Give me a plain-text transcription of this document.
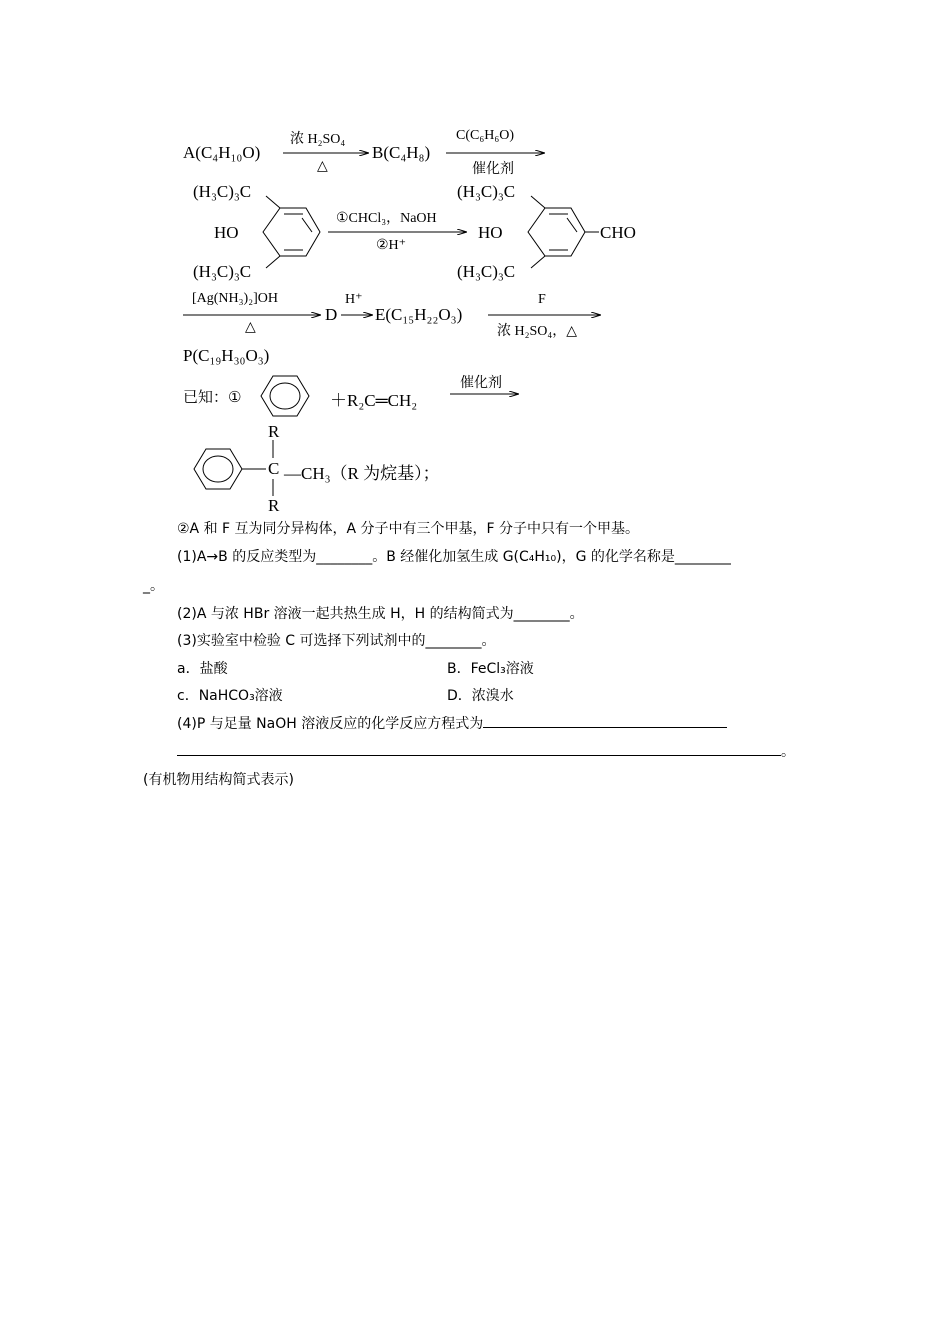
A(C₄H₁₀O)
浓 H₂SO₄
△
B(C₄H₈)
C(C₆H₆O)
催化剂
(H₃C)₃C
HO
(H₃C)₃C
①CHCl₃，NaOH
②H⁺
(H₃C)₃C
HO	CHO
(H₃C)₃C
[Ag(NH₃)₂]OH
△
D
H⁺
E(C₁₅H₂₂O₃)
F
浓 H₂SO₄，△
P(C₁₉H₃₀O₃)
已知：①	＋R₂C═CH₂
催化剂
R
C —CH₃（R 为烷基）；
R
②A 和 F 互为同分异构体，A 分子中有三个甲基，F 分子中只有一个甲基。
(1)A→B 的反应类型为________。B 经催化加氢生成 G(C₄H₁₀)，G 的化学名称是________
_。
(2)A 与浓 HBr 溶液一起共热生成 H，H 的结构简式为________。
(3)实验室中检验 C 可选择下列试剂中的________。
a．盐酸	B．FeCl₃溶液
c．NaHCO₃溶液	D．浓溴水
(4)P 与足量 NaOH 溶液反应的化学反应方程式为
。
(有机物用结构简式表示)
